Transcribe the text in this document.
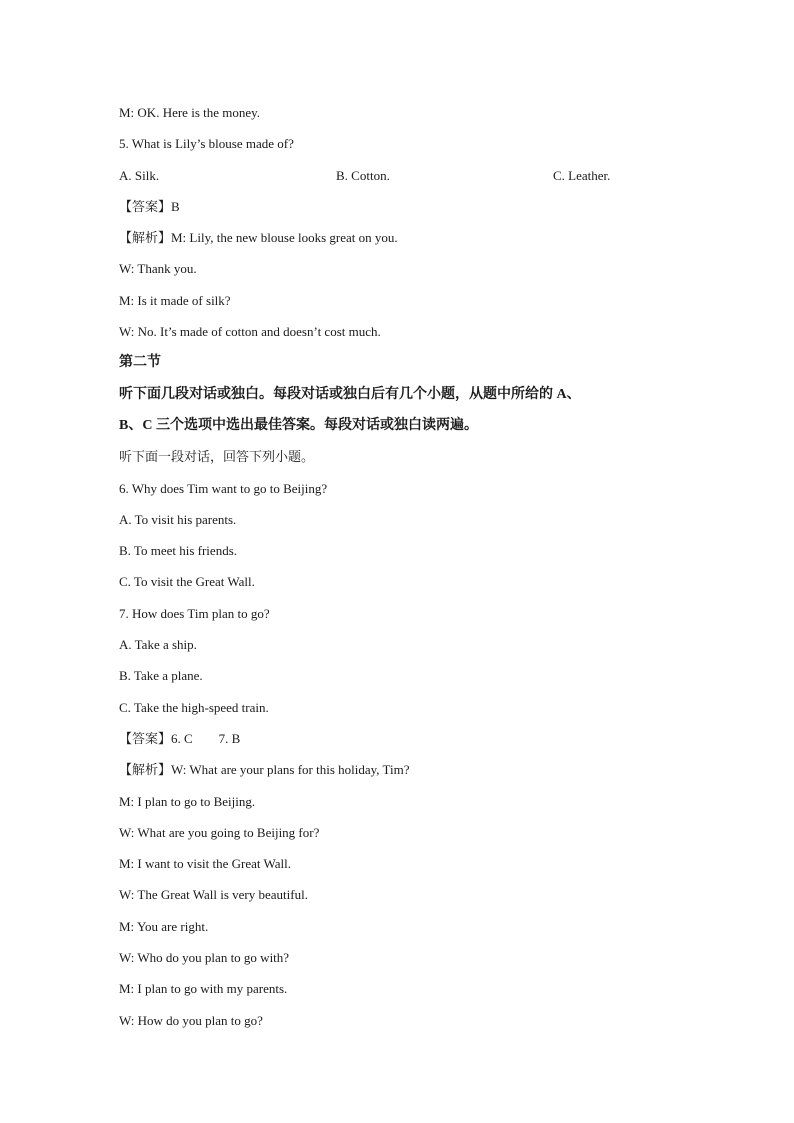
M: OK. Here is the money.
5. What is Lily’s blouse made of?
A. Silk.	B. Cotton.	C. Leather.
【答案】B
【解析】M: Lily, the new blouse looks great on you.
W: Thank you.
M: Is it made of silk?
W: No. It’s made of cotton and doesn’t cost much.
第二节
听下面几段对话或独白。每段对话或独白后有几个小题，从题中所给的 A、
B、C 三个选项中选出最佳答案。每段对话或独白读两遍。
听下面一段对话，回答下列小题。
6. Why does Tim want to go to Beijing?
A. To visit his parents.
B. To meet his friends.
C. To visit the Great Wall.
7. How does Tim plan to go?
A. Take a ship.
B. Take a plane.
C. Take the high-speed train.
【答案】6. C 7. B
【解析】W: What are your plans for this holiday, Tim?
M: I plan to go to Beijing.
W: What are you going to Beijing for?
M: I want to visit the Great Wall.
W: The Great Wall is very beautiful.
M: You are right.
W: Who do you plan to go with?
M: I plan to go with my parents.
W: How do you plan to go?
